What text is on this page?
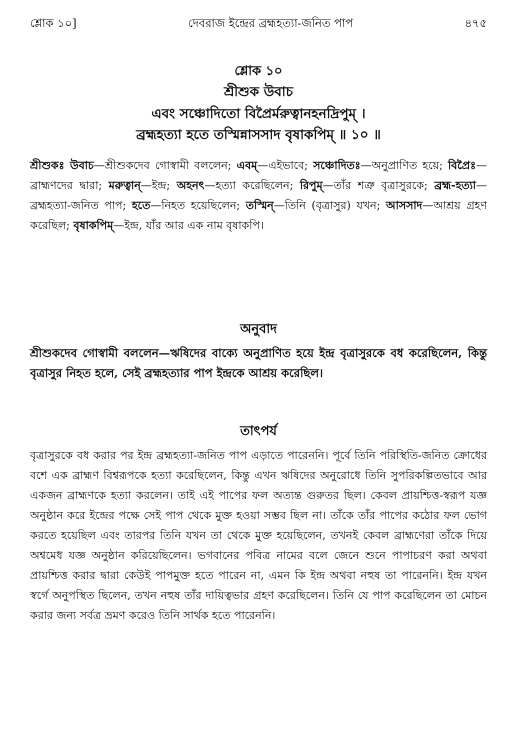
শ্লোক ১০]	দেবরাজ ইন্দ্রের ব্রহ্মহত্যা-জনিত পাপ	৪৭৫
শ্লোক ১০
শ্রীশুক উবাচ
এবং সঞ্চোদিতো বিপ্রৈর্মরুত্বানহনদ্রিপুম্ ।
ব্রহ্মহত্যা হতে তস্মিন্নাসসাদ বৃষাকপিম্ ॥ ১০ ॥
শ্রীশুকঃ উবাচ—শ্রীশুকদেব গোস্বামী বললেন; এবম্—এইভাবে; সঞ্চোদিতঃ—অনুপ্রাণিত হয়ে; বিপ্রৈঃ—ব্রাহ্মণদের দ্বারা; মরুত্বান্—ইন্দ্র; অহনৎ—হত্যা করেছিলেন; রিপুম্—তাঁর শত্রু বৃত্রাসুরকে; ব্রহ্ম-হত্যা—ব্রহ্মহত্যা-জনিত পাপ; হতে—নিহত হয়েছিলেন; তস্মিন্—তিনি (বৃত্রাসুর) যখন; আসসাদ—আশ্রয় গ্রহণ করেছিল; বৃষাকপিম্—ইন্দ্র, যাঁর আর এক নাম বৃষাকপি।
অনুবাদ
শ্রীশুকদেব গোস্বামী বললেন—ঋষিদের বাক্যে অনুপ্রাণিত হয়ে ইন্দ্র বৃত্রাসুরকে বধ করেছিলেন, কিন্তু বৃত্রাসুর নিহত হলে, সেই ব্রহ্মহত্যার পাপ ইন্দ্রকে আশ্রয় করেছিল।
তাৎপর্য

বৃত্রাসুরকে বধ করার পর ইন্দ্র ব্রহ্মহত্যা-জনিত পাপ এড়াতে পারেননি। পূর্বে তিনি পরিস্থিতি-জনিত ক্রোধের বশে এক ব্রাহ্মণ বিশ্বরূপকে হত্যা করেছিলেন, কিন্তু এখন ঋষিদের অনুরোধে তিনি সুপরিকল্পিতভাবে আর একজন ব্রাহ্মণকে হত্যা করলেন। তাই এই পাপের ফল অত্যন্ত গুরুতর ছিল। কেবল প্রায়শ্চিত্ত-স্বরূপ যজ্ঞ অনুষ্ঠান করে ইন্দ্রের পক্ষে সেই পাপ থেকে মুক্ত হওয়া সম্ভব ছিল না। তাঁকে তাঁর পাপের কঠোর ফল ভোগ করতে হয়েছিল এবং তারপর তিনি যখন তা থেকে মুক্ত হয়েছিলেন, তখনই কেবল ব্রাহ্মণেরা তাঁকে দিয়ে অশ্বমেধ যজ্ঞ অনুষ্ঠান করিয়েছিলেন। ভগবানের পবিত্র নামের বলে জেনে শুনে পাপাচরণ করা অথবা প্রায়শ্চিত্ত করার দ্বারা কেউই পাপমুক্ত হতে পারেন না, এমন কি ইন্দ্র অথবা নহুষ তা পারেননি। ইন্দ্র যখন স্বর্গে অনুপস্থিত ছিলেন, তখন নহুষ তাঁর দায়িত্বভার গ্রহণ করেছিলেন। তিনি যে পাপ করেছিলেন তা মোচন করার জন্য সর্বত্র ভ্রমণ করেও তিনি সার্থক হতে পারেননি।
